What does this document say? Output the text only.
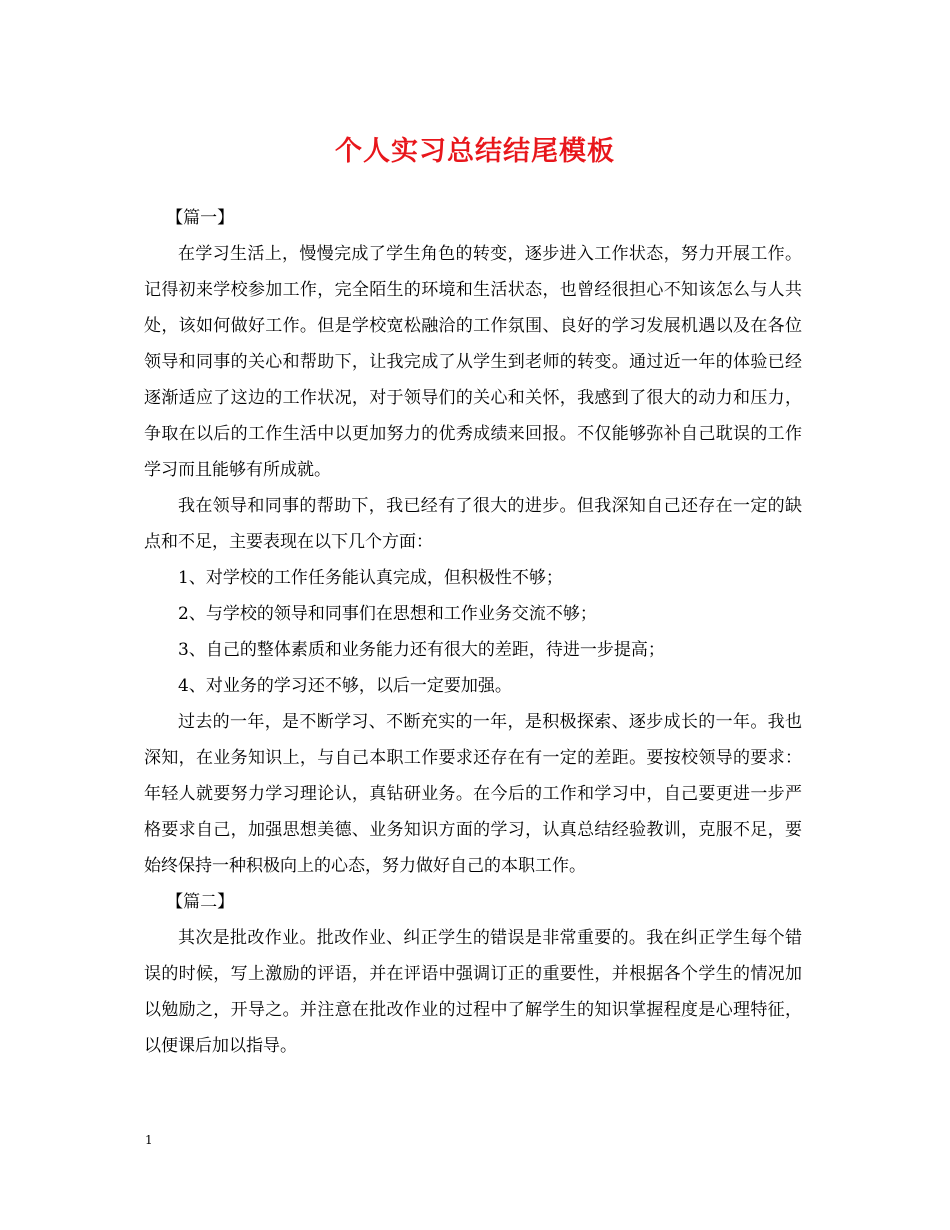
个人实习总结结尾模板

【篇一】

在学习生活上，慢慢完成了学生角色的转变，逐步进入工作状态，努力开展工作。记得初来学校参加工作，完全陌生的环境和生活状态，也曾经很担心不知该怎么与人共处，该如何做好工作。但是学校宽松融洽的工作氛围、良好的学习发展机遇以及在各位领导和同事的关心和帮助下，让我完成了从学生到老师的转变。通过近一年的体验已经逐渐适应了这边的工作状况，对于领导们的关心和关怀，我感到了很大的动力和压力，争取在以后的工作生活中以更加努力的优秀成绩来回报。不仅能够弥补自己耽误的工作学习而且能够有所成就。

我在领导和同事的帮助下，我已经有了很大的进步。但我深知自己还存在一定的缺点和不足，主要表现在以下几个方面：

1、对学校的工作任务能认真完成，但积极性不够；

2、与学校的领导和同事们在思想和工作业务交流不够；

3、自己的整体素质和业务能力还有很大的差距，待进一步提高；

4、对业务的学习还不够，以后一定要加强。

过去的一年，是不断学习、不断充实的一年，是积极探索、逐步成长的一年。我也深知，在业务知识上，与自己本职工作要求还存在有一定的差距。要按校领导的要求：年轻人就要努力学习理论认，真钻研业务。在今后的工作和学习中，自己要更进一步严格要求自己，加强思想美德、业务知识方面的学习，认真总结经验教训，克服不足，要始终保持一种积极向上的心态，努力做好自己的本职工作。

【篇二】

其次是批改作业。批改作业、纠正学生的错误是非常重要的。我在纠正学生每个错误的时候，写上激励的评语，并在评语中强调订正的重要性，并根据各个学生的情况加以勉励之，开导之。并注意在批改作业的过程中了解学生的知识掌握程度是心理特征，以便课后加以指导。

1
